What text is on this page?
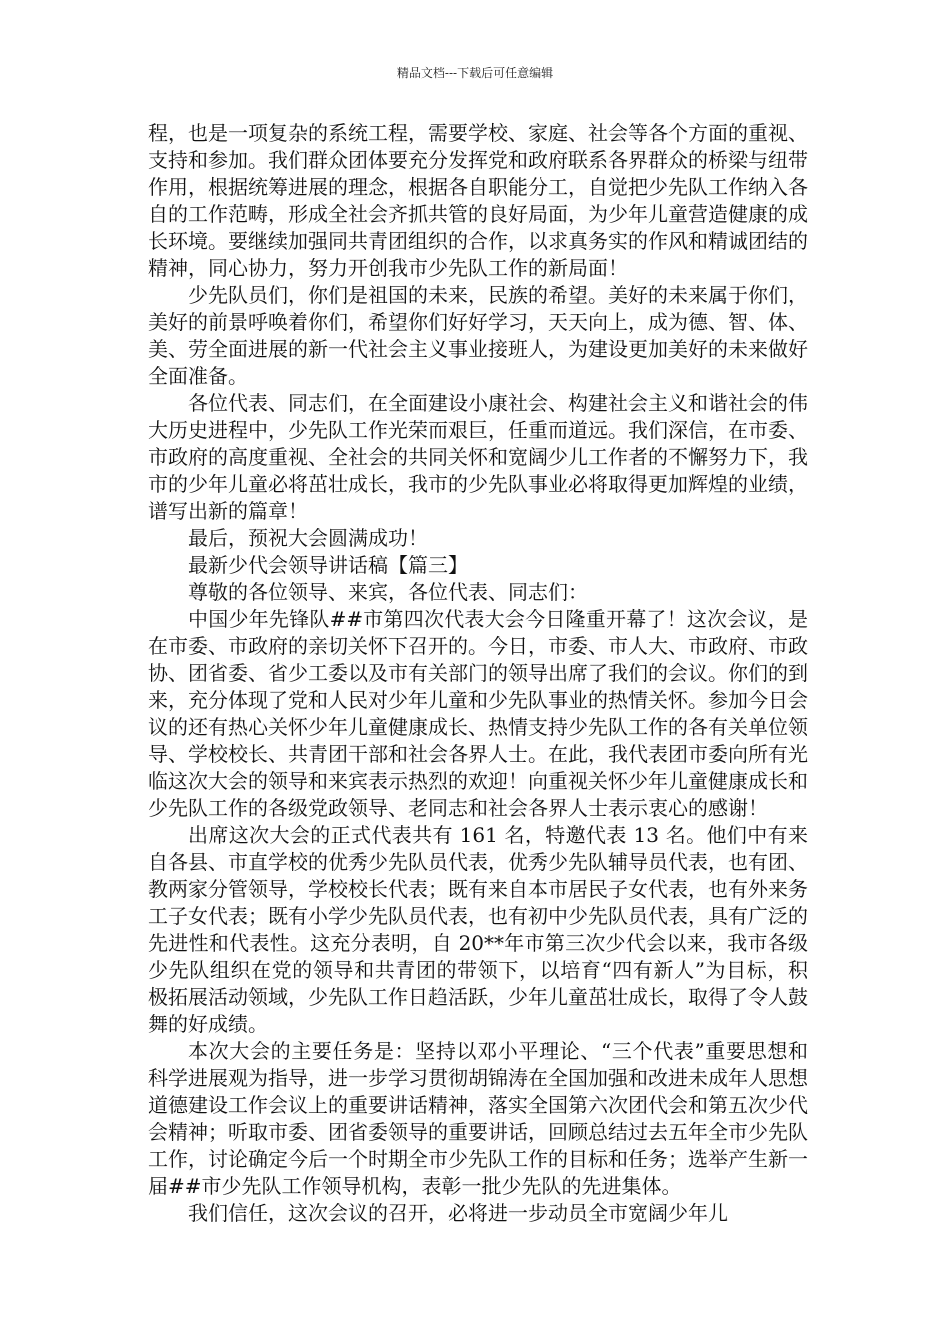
精品文档---下载后可任意编辑

程，也是一项复杂的系统工程，需要学校、家庭、社会等各个方面的重视、支持和参加。我们群众团体要充分发挥党和政府联系各界群众的桥梁与纽带作用，根据统筹进展的理念，根据各自职能分工，自觉把少先队工作纳入各自的工作范畴，形成全社会齐抓共管的良好局面，为少年儿童营造健康的成长环境。要继续加强同共青团组织的合作，以求真务实的作风和精诚团结的精神，同心协力，努力开创我市少先队工作的新局面！

少先队员们，你们是祖国的未来，民族的希望。美好的未来属于你们，美好的前景呼唤着你们，希望你们好好学习，天天向上，成为德、智、体、美、劳全面进展的新一代社会主义事业接班人，为建设更加美好的未来做好全面准备。

各位代表、同志们，在全面建设小康社会、构建社会主义和谐社会的伟大历史进程中，少先队工作光荣而艰巨，任重而道远。我们深信，在市委、市政府的高度重视、全社会的共同关怀和宽阔少儿工作者的不懈努力下，我市的少年儿童必将茁壮成长，我市的少先队事业必将取得更加辉煌的业绩，谱写出新的篇章！

最后，预祝大会圆满成功！

最新少代会领导讲话稿【篇三】

尊敬的各位领导、来宾，各位代表、同志们：

中国少年先锋队##市第四次代表大会今日隆重开幕了！这次会议，是在市委、市政府的亲切关怀下召开的。今日，市委、市人大、市政府、市政协、团省委、省少工委以及市有关部门的领导出席了我们的会议。你们的到来，充分体现了党和人民对少年儿童和少先队事业的热情关怀。参加今日会议的还有热心关怀少年儿童健康成长、热情支持少先队工作的各有关单位领导、学校校长、共青团干部和社会各界人士。在此，我代表团市委向所有光临这次大会的领导和来宾表示热烈的欢迎！向重视关怀少年儿童健康成长和少先队工作的各级党政领导、老同志和社会各界人士表示衷心的感谢！

出席这次大会的正式代表共有 161 名，特邀代表 13 名。他们中有来自各县、市直学校的优秀少先队员代表，优秀少先队辅导员代表，也有团、教两家分管领导，学校校长代表；既有来自本市居民子女代表，也有外来务工子女代表；既有小学少先队员代表，也有初中少先队员代表，具有广泛的先进性和代表性。这充分表明，自 20**年市第三次少代会以来，我市各级少先队组织在党的领导和共青团的带领下，以培育“四有新人”为目标，积极拓展活动领域，少先队工作日趋活跃，少年儿童茁壮成长，取得了令人鼓舞的好成绩。

本次大会的主要任务是：坚持以邓小平理论、“三个代表”重要思想和科学进展观为指导，进一步学习贯彻胡锦涛在全国加强和改进未成年人思想道德建设工作会议上的重要讲话精神，落实全国第六次团代会和第五次少代会精神；听取市委、团省委领导的重要讲话，回顾总结过去五年全市少先队工作，讨论确定今后一个时期全市少先队工作的目标和任务；选举产生新一届##市少先队工作领导机构，表彰一批少先队的先进集体。

我们信任，这次会议的召开，必将进一步动员全市宽阔少年儿
